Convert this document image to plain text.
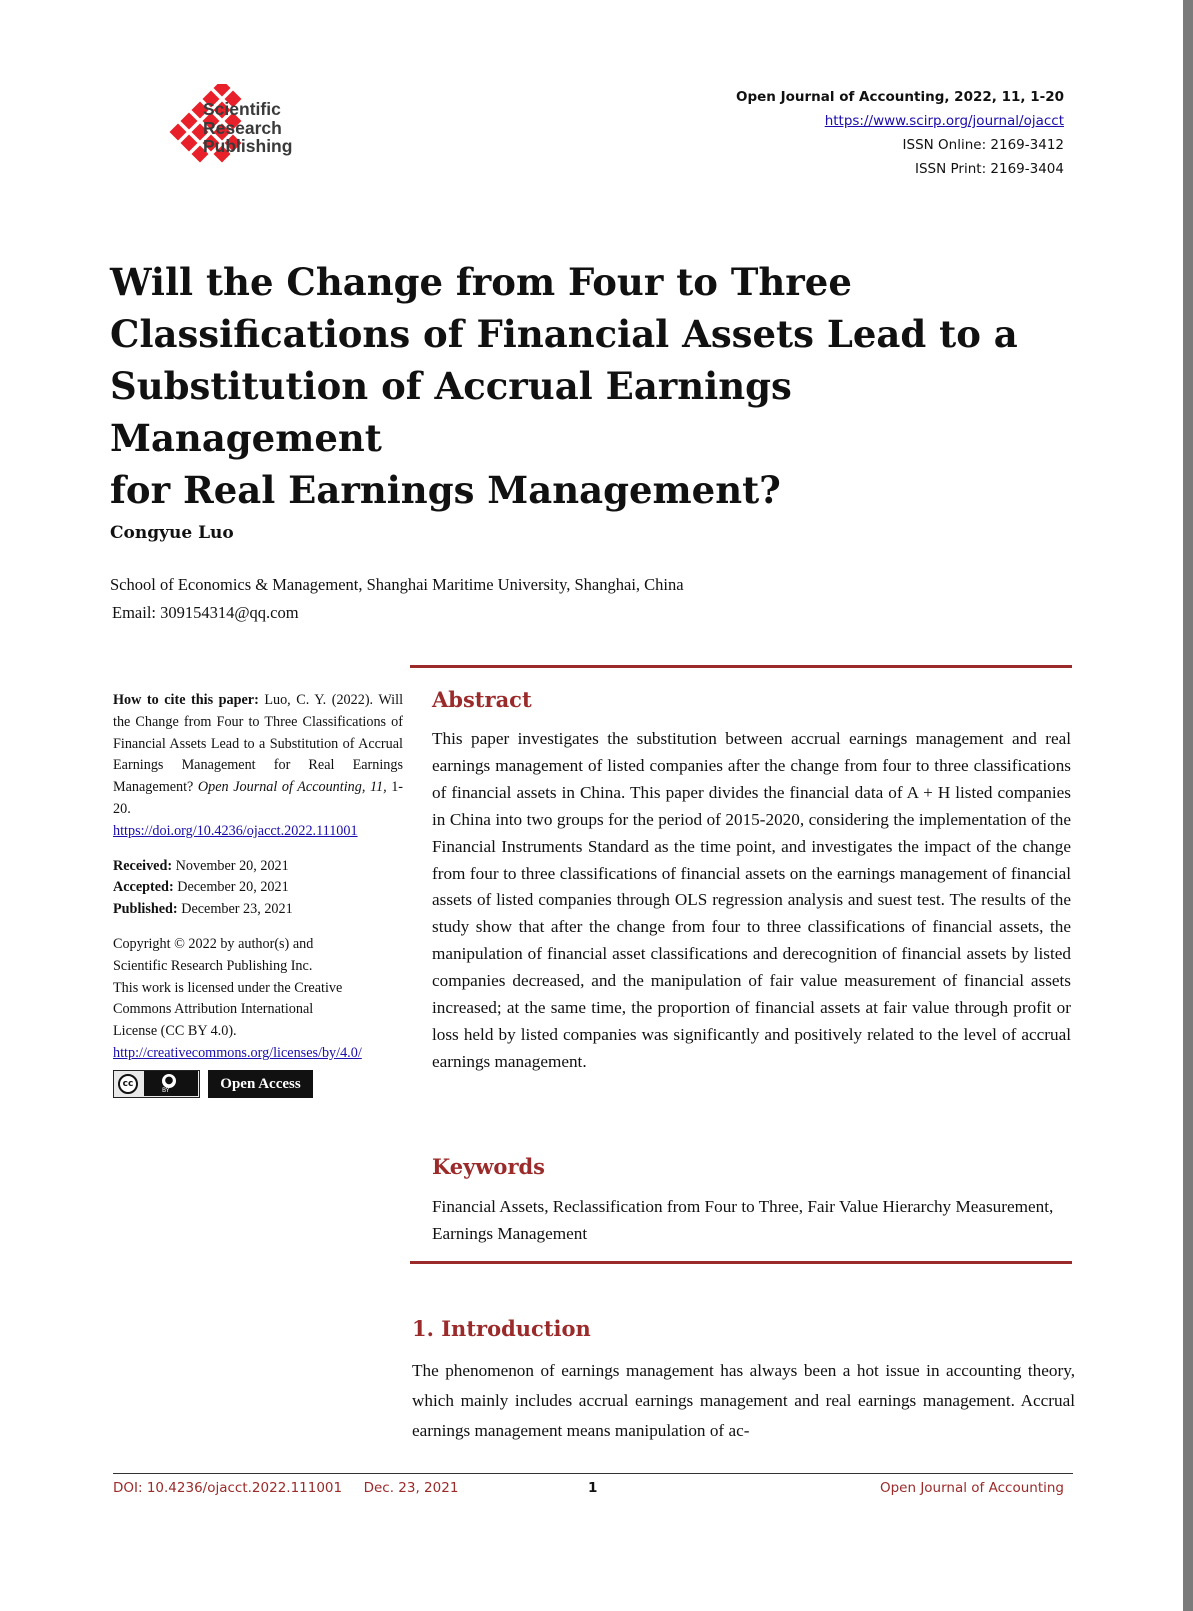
Scientific
Research
Publishing
Open Journal of Accounting, 2022, 11, 1-20
https://www.scirp.org/journal/ojacct
ISSN Online: 2169-3412
ISSN Print: 2169-3404
Will the Change from Four to Three
Classifications of Financial Assets Lead to a
Substitution of Accrual Earnings Management
for Real Earnings Management?
Congyue Luo
School of Economics & Management, Shanghai Maritime University, Shanghai, China
Email: 309154314@qq.com

How to cite this paper: Luo, C. Y. (2022). Will the Change from Four to Three Classifications of Financial Assets Lead to a Substitution of Accrual Earnings Management for Real Earnings Management? Open Journal of Accounting, 11, 1-20.
https://doi.org/10.4236/ojacct.2022.111001

Received: November 20, 2021
Accepted: December 20, 2021
Published: December 23, 2021

Copyright © 2022 by author(s) and
Scientific Research Publishing Inc.
This work is licensed under the Creative
Commons Attribution International
License (CC BY 4.0).
http://creativecommons.org/licenses/by/4.0/

cc	●
BY	Open Access
Abstract

This paper investigates the substitution between accrual earnings management and real earnings management of listed companies after the change from four to three classifications of financial assets in China. This paper divides the financial data of A + H listed companies in China into two groups for the period of 2015-2020, considering the implementation of the Financial Instruments Standard as the time point, and investigates the impact of the change from four to three classifications of financial assets on the earnings management of financial assets of listed companies through OLS regression analysis and suest test. The results of the study show that after the change from four to three classifications of financial assets, the manipulation of financial asset classifications and derecognition of financial assets by listed companies decreased, and the manipulation of fair value measurement of financial assets increased; at the same time, the proportion of financial assets at fair value through profit or loss held by listed companies was significantly and positively related to the level of accrual earnings management.

Keywords

Financial Assets, Reclassification from Four to Three, Fair Value Hierarchy Measurement, Earnings Management

1. Introduction

The phenomenon of earnings management has always been a hot issue in accounting theory, which mainly includes accrual earnings management and real earnings management. Accrual earnings management means manipulation of ac-

DOI: 10.4236/ojacct.2022.111001 Dec. 23, 2021	1	Open Journal of Accounting
